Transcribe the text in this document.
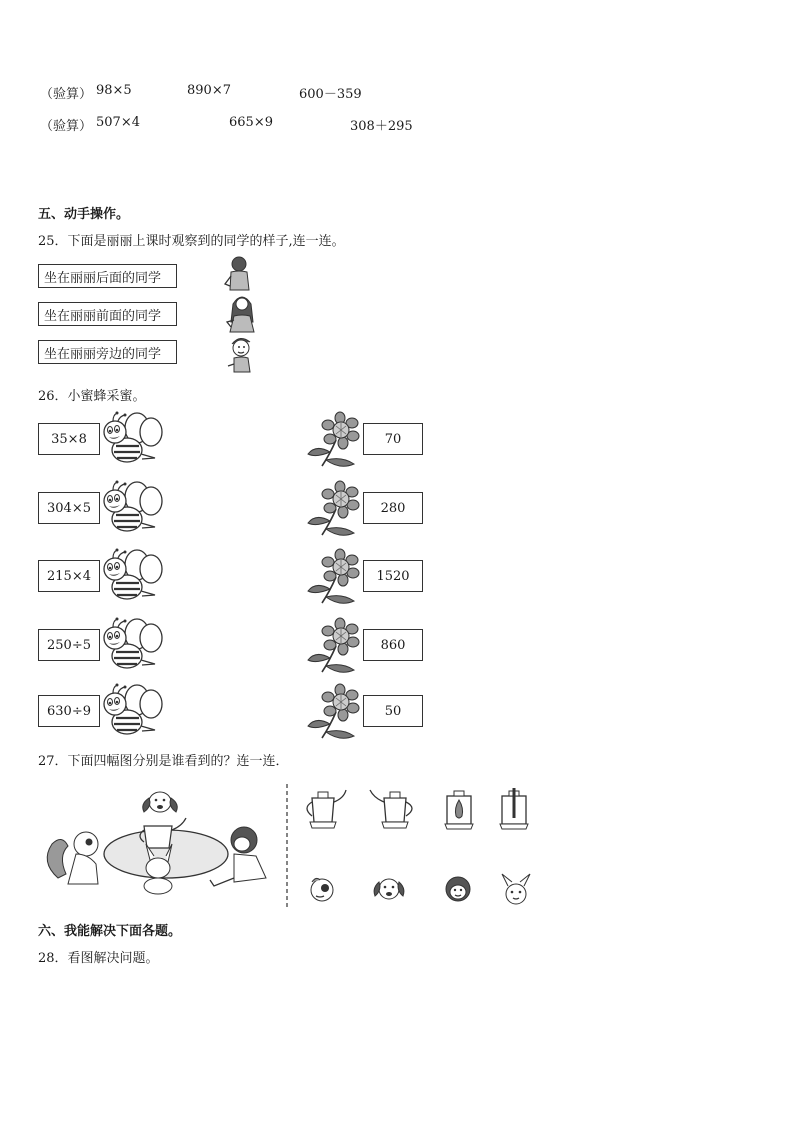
（验算） 98×5	890×7	600－359
（验算） 507×4	665×9	308＋295
五、动手操作。
25．下面是丽丽上课时观察到的同学的样子,连一连。
坐在丽丽后面的同学
坐在丽丽前面的同学
坐在丽丽旁边的同学
26．小蜜蜂采蜜。
35×8
304×5
215×4
250÷5
630÷9
70
280
1520
860
50
27．下面四幅图分别是谁看到的？连一连．
六、我能解决下面各题。
28．看图解决问题。
